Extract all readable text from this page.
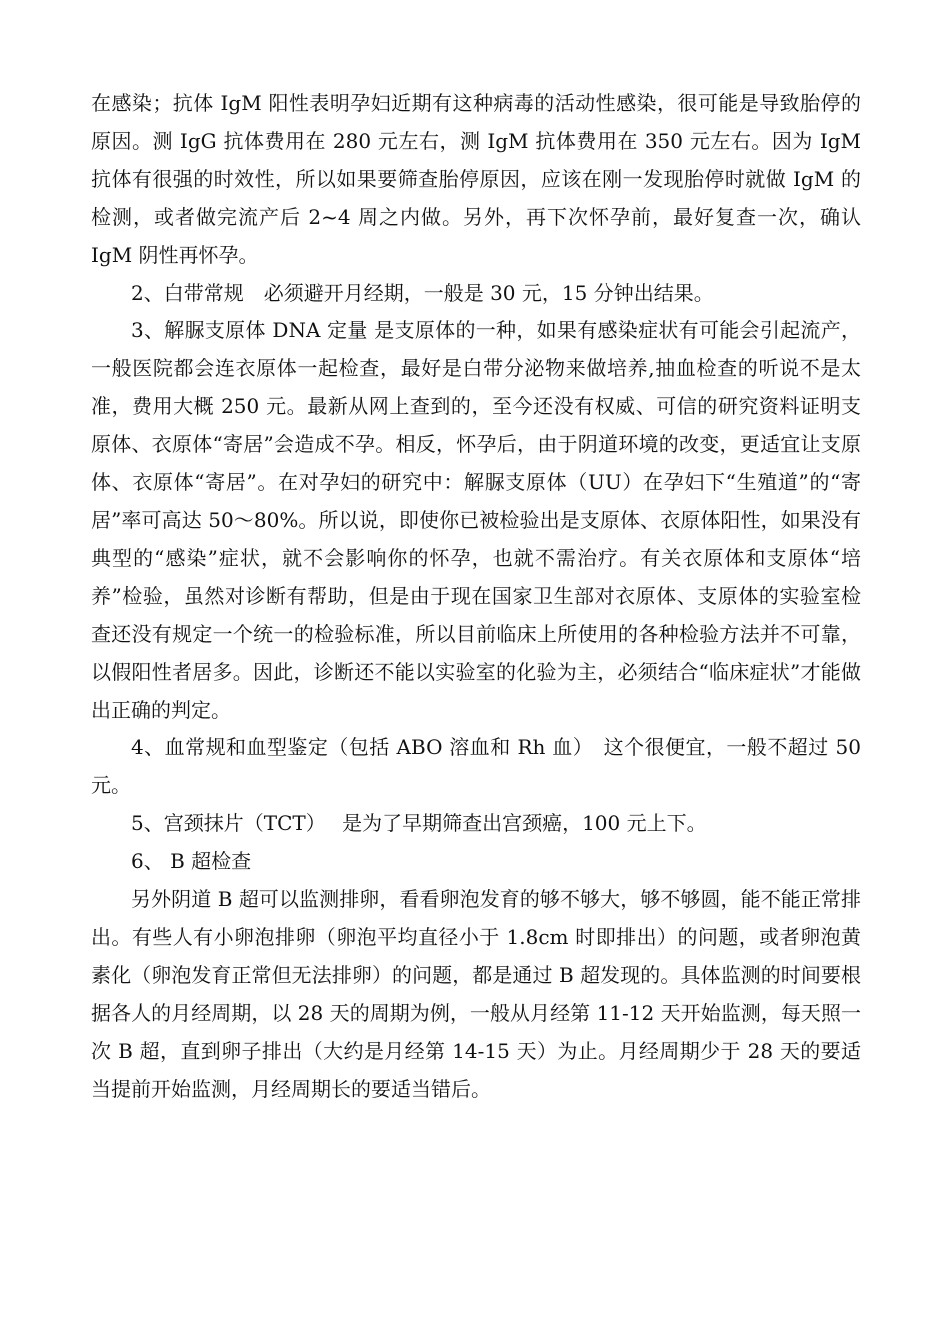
在感染；抗体 IgM 阳性表明孕妇近期有这种病毒的活动性感染，很可能是导致胎停的原因。测 IgG 抗体费用在 280 元左右，测 IgM 抗体费用在 350 元左右。因为 IgM 抗体有很强的时效性，所以如果要筛查胎停原因，应该在刚一发现胎停时就做 IgM 的检测，或者做完流产后 2~4 周之内做。另外，再下次怀孕前，最好复查一次，确认 IgM 阴性再怀孕。

2、白带常规　必须避开月经期，一般是 30 元，15 分钟出结果。

3、解脲支原体 DNA 定量 是支原体的一种，如果有感染症状有可能会引起流产，一般医院都会连衣原体一起检查，最好是白带分泌物来做培养,抽血检查的听说不是太准，费用大概 250 元。最新从网上查到的，至今还没有权威、可信的研究资料证明支原体、衣原体“寄居”会造成不孕。相反，怀孕后，由于阴道环境的改变，更适宜让支原体、衣原体“寄居”。在对孕妇的研究中：解脲支原体（UU）在孕妇下“生殖道”的“寄居”率可高达 50～80%。所以说，即使你已被检验出是支原体、衣原体阳性，如果没有典型的“感染”症状，就不会影响你的怀孕，也就不需治疗。有关衣原体和支原体“培养”检验，虽然对诊断有帮助，但是由于现在国家卫生部对衣原体、支原体的实验室检查还没有规定一个统一的检验标准，所以目前临床上所使用的各种检验方法并不可靠，以假阳性者居多。因此，诊断还不能以实验室的化验为主，必须结合“临床症状”才能做出正确的判定。

4、血常规和血型鉴定（包括 ABO 溶血和 Rh 血）　这个很便宜，一般不超过 50 元。

5、宫颈抹片（TCT）　 是为了早期筛查出宫颈癌，100 元上下。

6、 B 超检查

另外阴道 B 超可以监测排卵，看看卵泡发育的够不够大，够不够圆，能不能正常排出。有些人有小卵泡排卵（卵泡平均直径小于 1.8cm 时即排出）的问题，或者卵泡黄素化（卵泡发育正常但无法排卵）的问题，都是通过 B 超发现的。具体监测的时间要根据各人的月经周期，以 28 天的周期为例，一般从月经第 11-12 天开始监测，每天照一次 B 超，直到卵子排出（大约是月经第 14-15 天）为止。月经周期少于 28 天的要适当提前开始监测，月经周期长的要适当错后。
